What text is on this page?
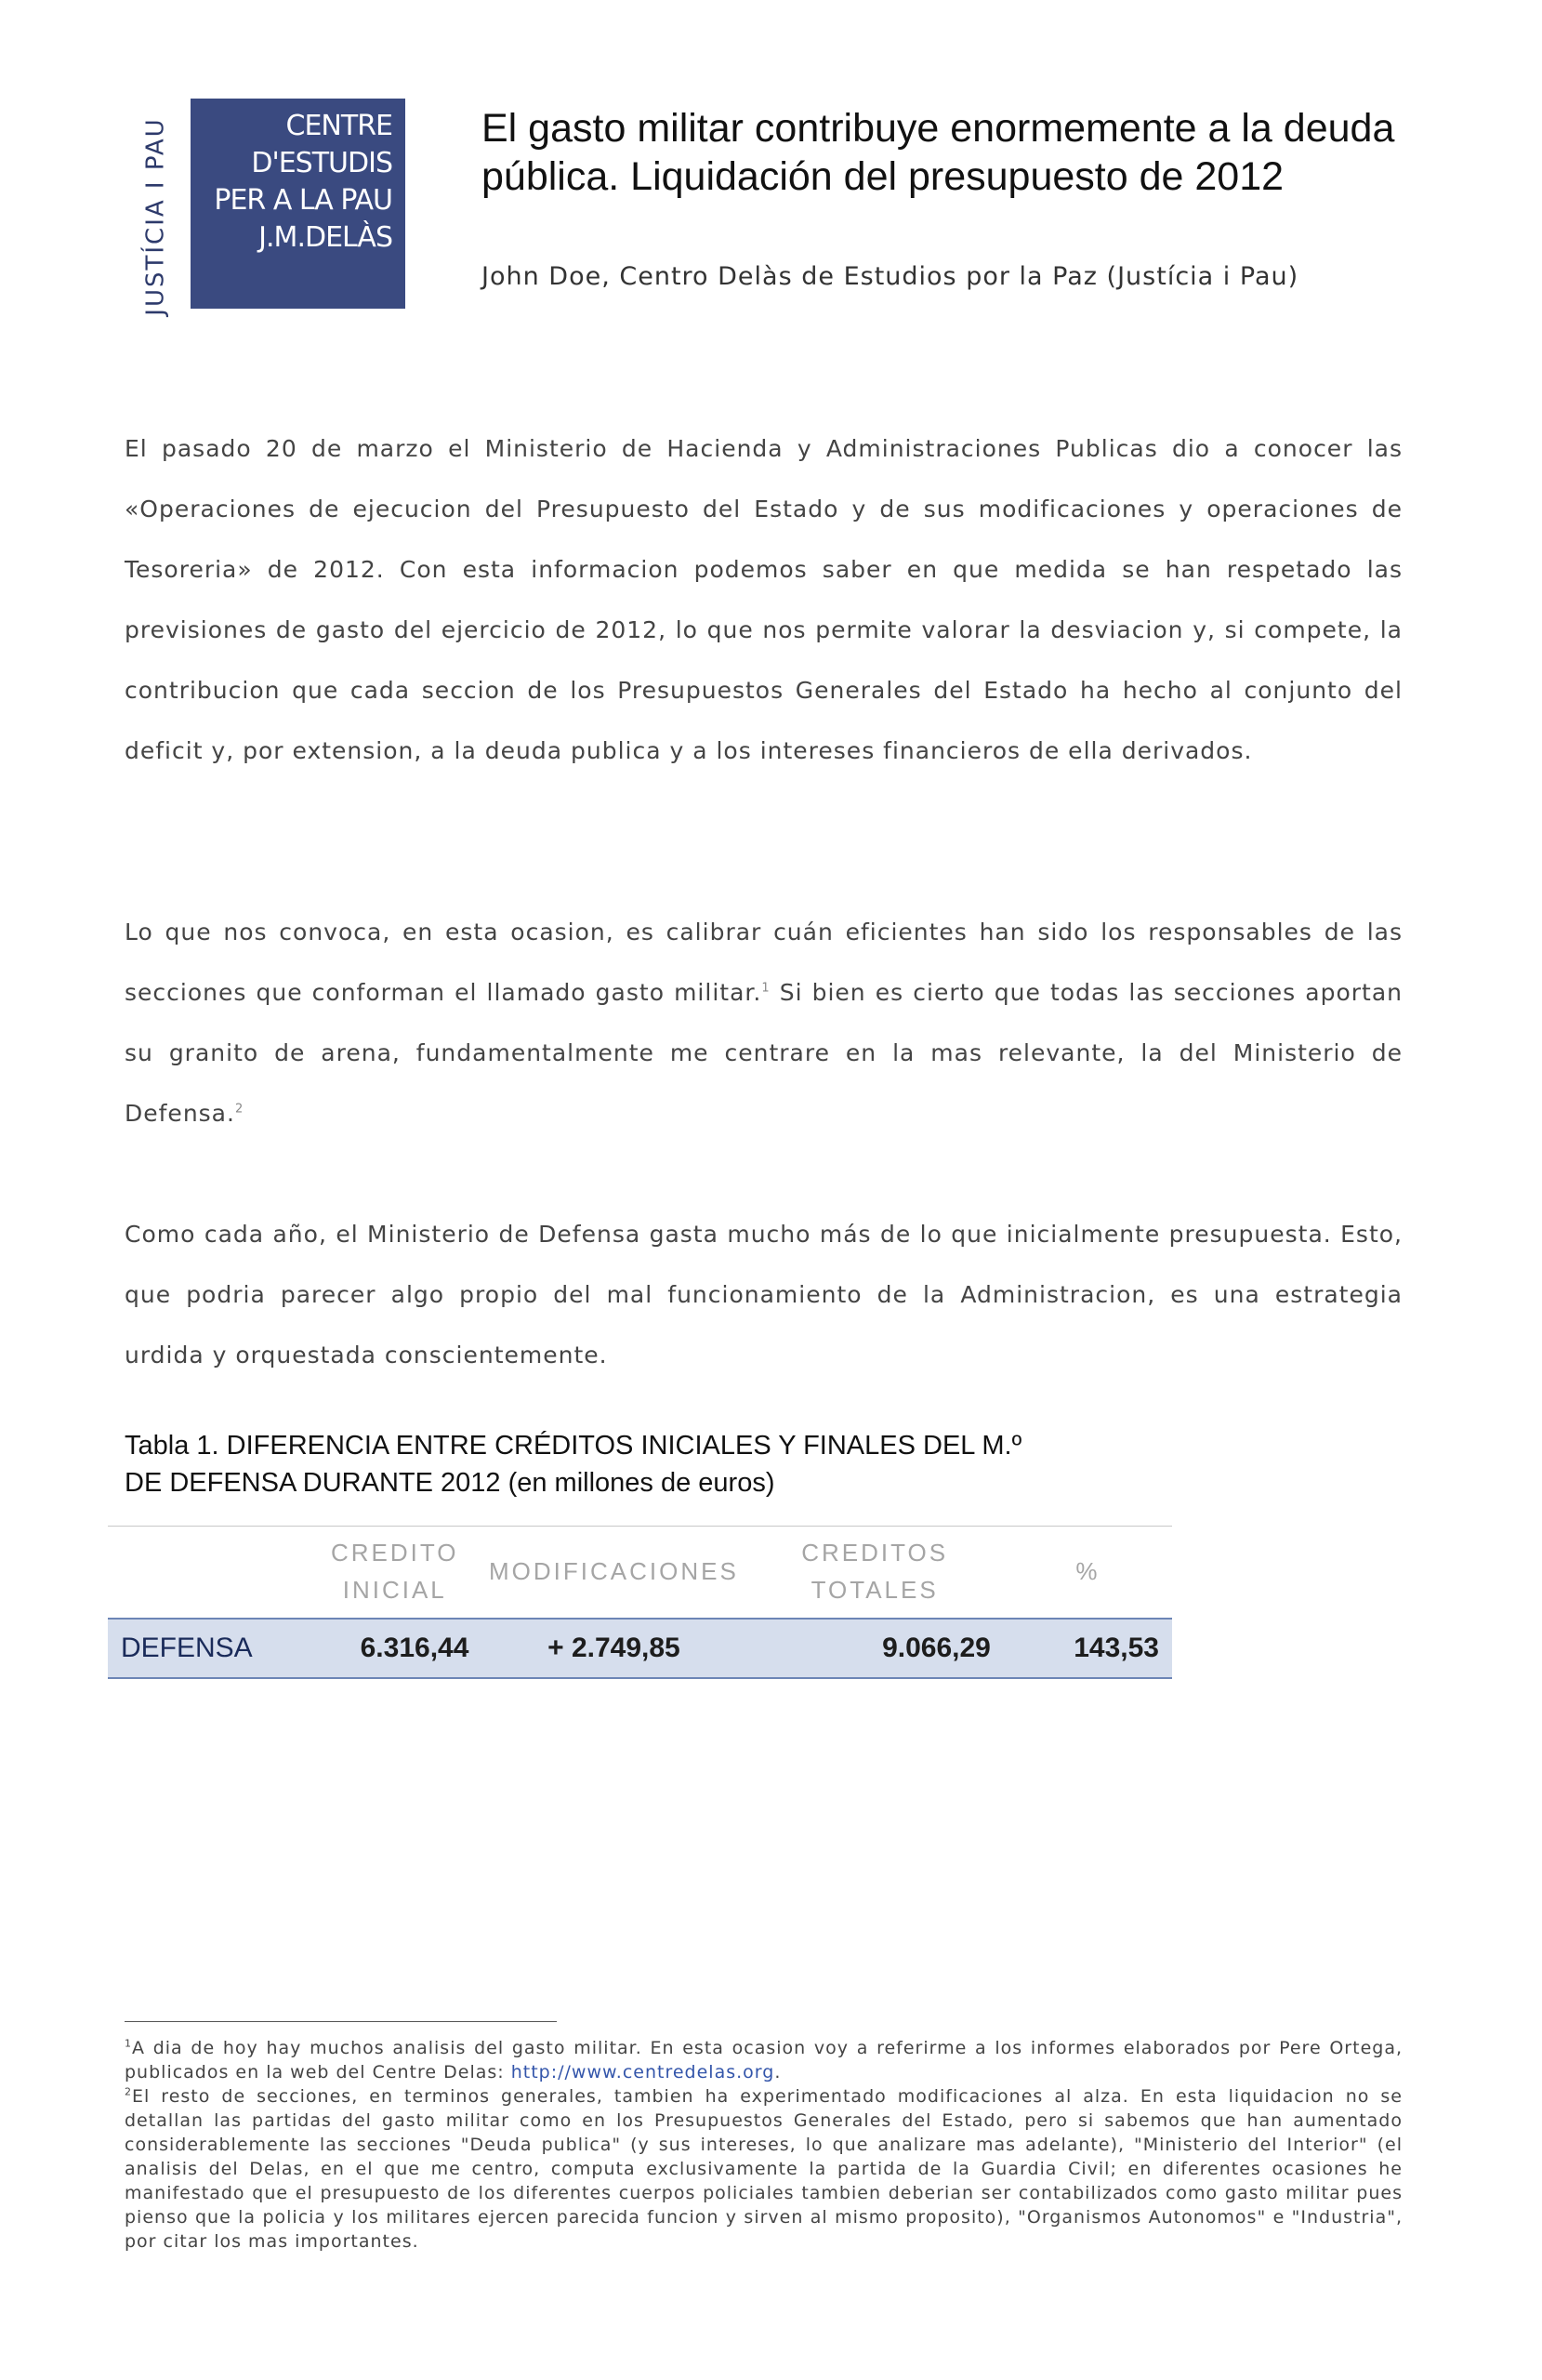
JUSTÍCIA I PAU	CENTRE D'ESTUDIS
PER A LA PAU
J.M.DELÀS
El gasto militar contribuye enormemente a la deuda pública. Liquidación del presupuesto de 2012
John Doe, Centro Delàs de Estudios por la Paz (Justícia i Pau)

El pasado 20 de marzo el Ministerio de Hacienda y Administraciones Publicas dio a conocer las «Operaciones de ejecucion del Presupuesto del Estado y de sus modificaciones y operaciones de Tesoreria» de 2012. Con esta informacion podemos saber en que medida se han respetado las previsiones de gasto del ejercicio de 2012, lo que nos permite valorar la desviacion y, si compete, la contribucion que cada seccion de los Presupuestos Generales del Estado ha hecho al conjunto del deficit y, por extension, a la deuda publica y a los intereses financieros de ella derivados.

Lo que nos convoca, en esta ocasion, es calibrar cuán eficientes han sido los responsables de las secciones que conforman el llamado gasto militar.$^1$ Si bien es cierto que todas las secciones aportan su granito de arena, fundamentalmente me centrare en la mas relevante, la del Ministerio de Defensa.$^2$

Como cada año, el Ministerio de Defensa gasta mucho más de lo que inicialmente presupuesta. Esto, que podria parecer algo propio del mal funcionamiento de la Administracion, es una estrategia urdida y orquestada conscientemente.

Tabla 1. DIFERENCIA ENTRE CRÉDITOS INICIALES Y FINALES DEL M.º DE DEFENSA DURANTE 2012 (en millones de euros)
	CREDITO INICIAL	MODIFICACIONES	CREDITOS TOTALES	%
DEFENSA	6.316,44	+ 2.749,85	9.066,29	143,53

$^1$A dia de hoy hay muchos analisis del gasto militar. En esta ocasion voy a referirme a los informes elaborados por Pere Ortega, publicados en la web del Centre Delas: http://www.centredelas.org.

$^2$El resto de secciones, en terminos generales, tambien ha experimentado modificaciones al alza. En esta liquidacion no se detallan las partidas del gasto militar como en los Presupuestos Generales del Estado, pero si sabemos que han aumentado considerablemente las secciones "Deuda publica" (y sus intereses, lo que analizare mas adelante), "Ministerio del Interior" (el analisis del Delas, en el que me centro, computa exclusivamente la partida de la Guardia Civil; en diferentes ocasiones he manifestado que el presupuesto de los diferentes cuerpos policiales tambien deberian ser contabilizados como gasto militar pues pienso que la policia y los militares ejercen parecida funcion y sirven al mismo proposito), "Organismos Autonomos" e "Industria", por citar los mas importantes.
